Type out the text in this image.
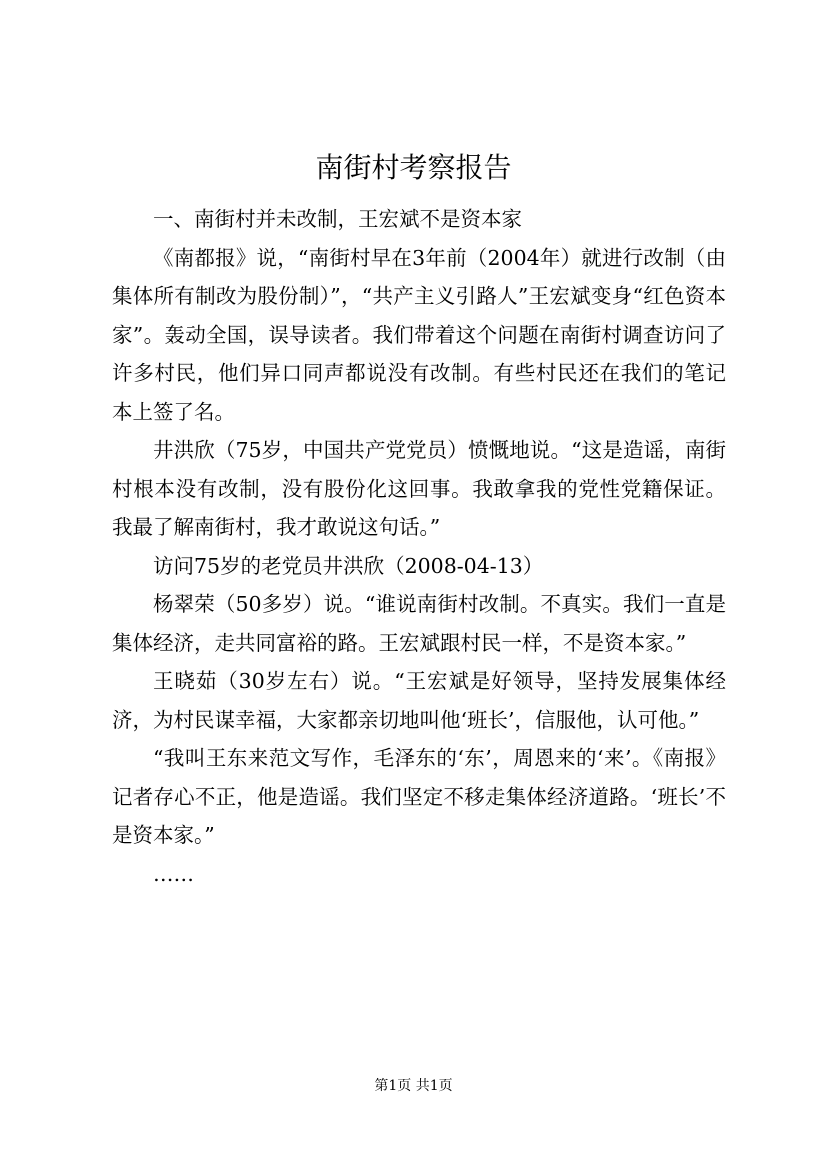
南街村考察报告

一、南街村并未改制，王宏斌不是资本家

《南都报》说，“南街村早在3年前（2004年）就进行改制（由集体所有制改为股份制）”，“共产主义引路人”王宏斌变身“红色资本家”。轰动全国，误导读者。我们带着这个问题在南街村调查访问了许多村民，他们异口同声都说没有改制。有些村民还在我们的笔记本上签了名。

井洪欣（75岁，中国共产党党员）愤慨地说。“这是造谣，南街村根本没有改制，没有股份化这回事。我敢拿我的党性党籍保证。我最了解南街村，我才敢说这句话。”

访问75岁的老党员井洪欣（2008-04-13）

杨翠荣（50多岁）说。“谁说南街村改制。不真实。我们一直是集体经济，走共同富裕的路。王宏斌跟村民一样，不是资本家。”

王晓茹（30岁左右）说。“王宏斌是好领导，坚持发展集体经济，为村民谋幸福，大家都亲切地叫他‘班长’，信服他，认可他。”

“我叫王东来范文写作，毛泽东的‘东’，周恩来的‘来’。《南报》记者存心不正，他是造谣。我们坚定不移走集体经济道路。‘班长’不是资本家。”

……

第1页 共1页
